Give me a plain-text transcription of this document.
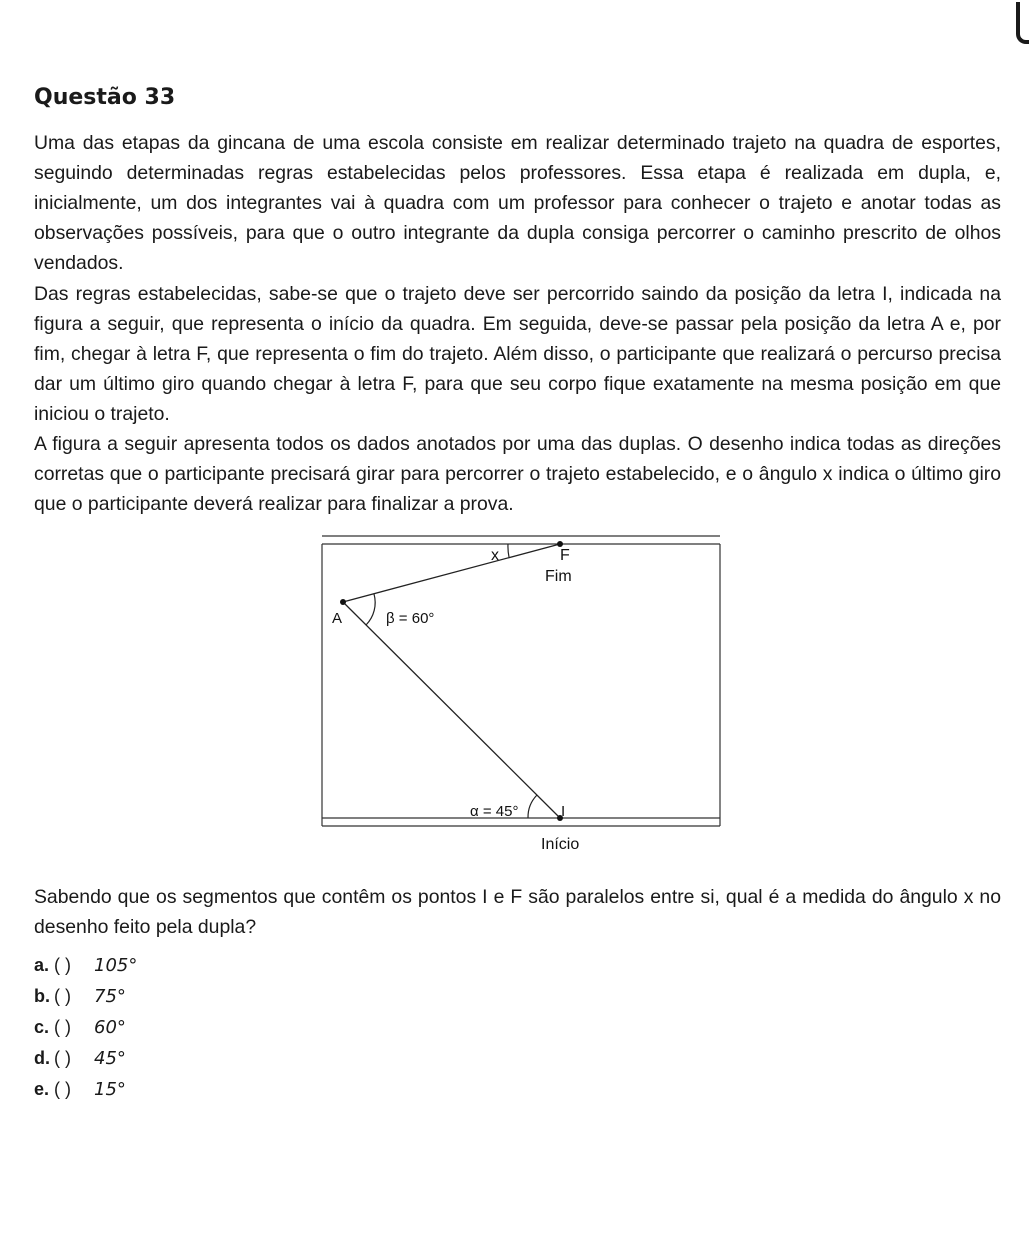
Questão 33

Uma das etapas da gincana de uma escola consiste em realizar determinado trajeto na quadra de esportes, seguindo determinadas regras estabelecidas pelos professores. Essa etapa é realizada em dupla, e, inicialmente, um dos integrantes vai à quadra com um professor para conhecer o trajeto e anotar todas as observações possíveis, para que o outro integrante da dupla consiga percorrer o caminho prescrito de olhos vendados.

Das regras estabelecidas, sabe-se que o trajeto deve ser percorrido saindo da posição da letra I, indicada na figura a seguir, que representa o início da quadra. Em seguida, deve-se passar pela posição da letra A e, por fim, chegar à letra F, que representa o fim do trajeto. Além disso, o participante que realizará o percurso precisa dar um último giro quando chegar à letra F, para que seu corpo fique exatamente na mesma posição em que iniciou o trajeto.

A figura a seguir apresenta todos os dados anotados por uma das duplas. O desenho indica todas as direções corretas que o participante precisará girar para percorrer o trajeto estabelecido, e o ângulo x indica o último giro que o participante deverá realizar para finalizar a prova.

x	F
Fim
A	β = 60°
α = 45°	I
Início

Sabendo que os segmentos que contêm os pontos I e F são paralelos entre si, qual é a medida do ângulo x no desenho feito pela dupla?

a. ( )	105°
b. ( )	75°
c. ( )	60°
d. ( )	45°
e. ( )	15°
